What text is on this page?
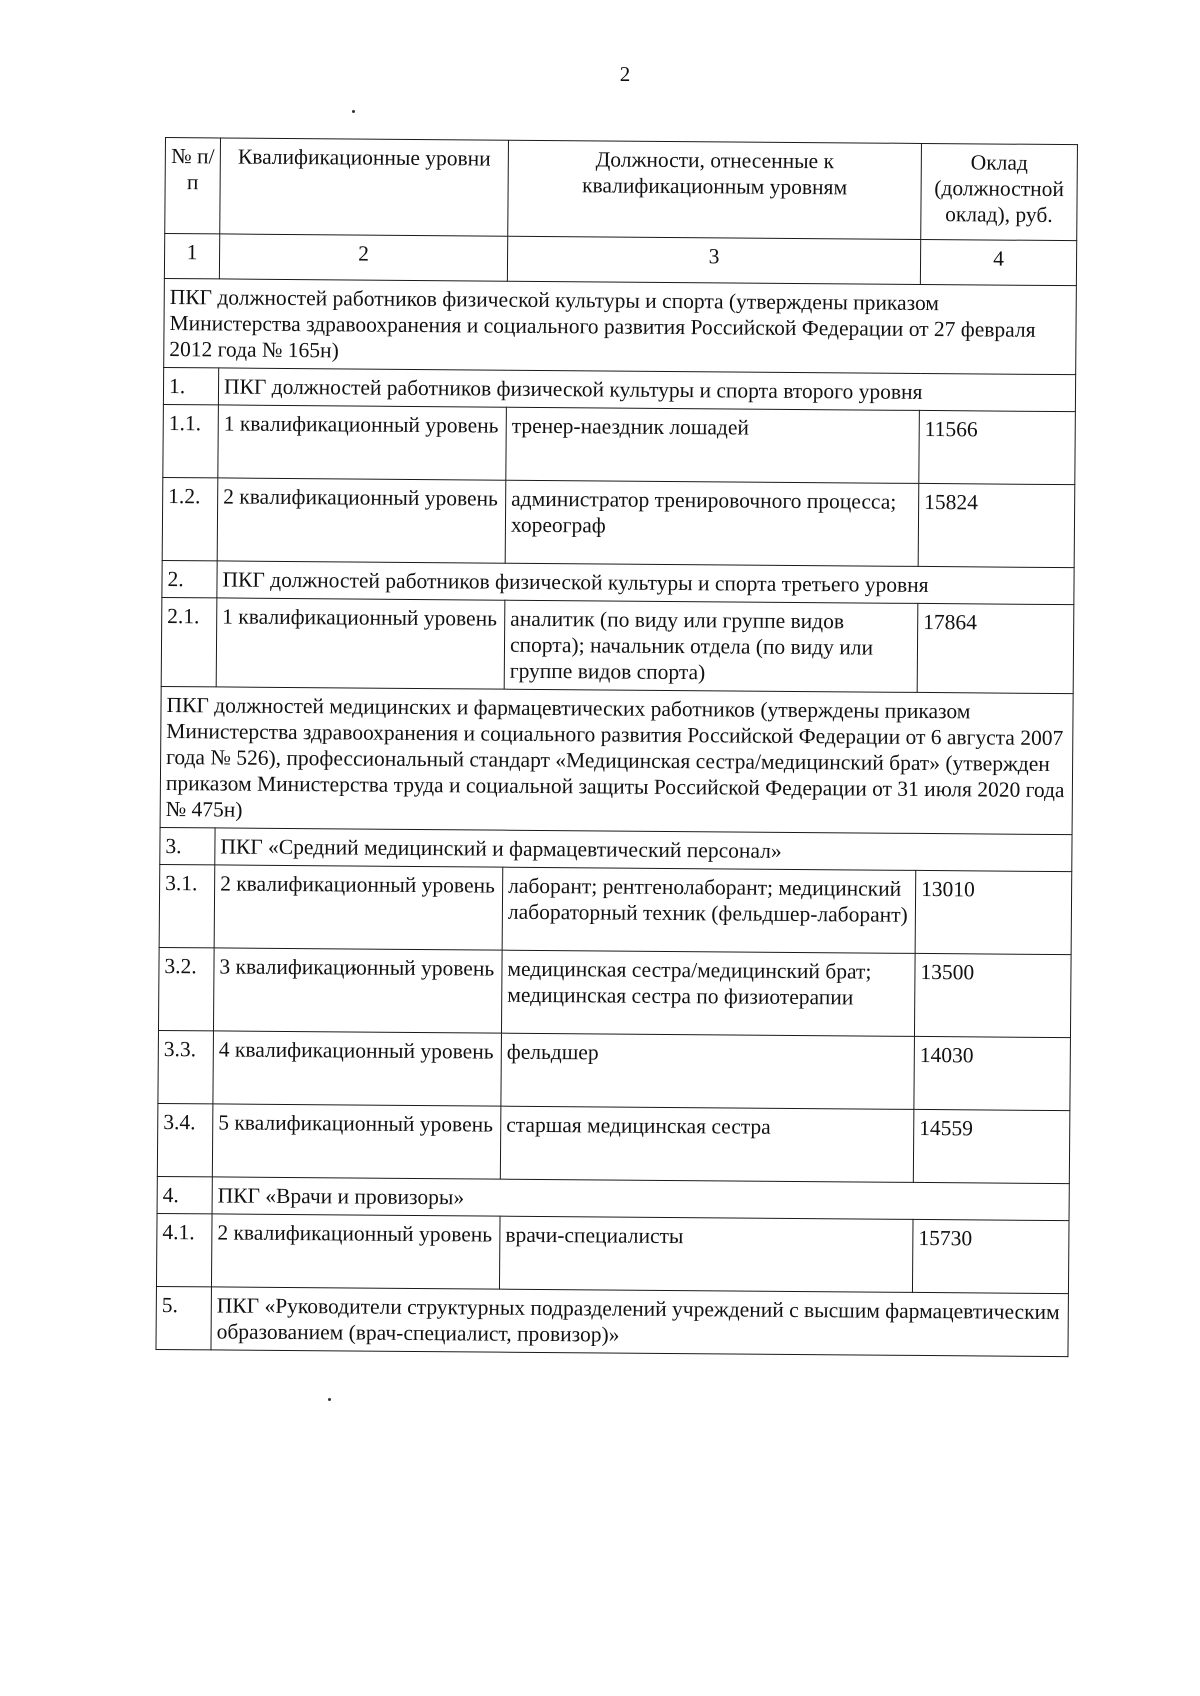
2
№ п/п	Квалификационные уровни	Должности, отнесенные к квалификационным уровням	Оклад (должностной оклад), руб.
1	2	3	4
ПКГ должностей работников физической культуры и спорта (утверждены приказом Министерства здравоохранения и социального развития Российской Федерации от 27 февраля 2012 года № 165н)			
1.	ПКГ должностей работников физической культуры и спорта второго уровня		
1.1.	1 квалификационный уровень	тренер-наездник лошадей	11566
1.2.	2 квалификационный уровень	администратор тренировочного процесса; хореограф	15824
2.	ПКГ должностей работников физической культуры и спорта третьего уровня		
2.1.	1 квалификационный уровень	аналитик (по виду или группе видов спорта); начальник отдела (по виду или группе видов спорта)	17864
ПКГ должностей медицинских и фармацевтических работников (утверждены приказом Министерства здравоохранения и социального развития Российской Федерации от 6 августа 2007 года № 526), профессиональный стандарт «Медицинская сестра/медицинский брат» (утвержден приказом Министерства труда и социальной защиты Российской Федерации от 31 июля 2020 года № 475н)			
3.	ПКГ «Средний медицинский и фармацевтический персонал»		
3.1.	2 квалификационный уровень	лаборант; рентгенолаборант; медицинский лабораторный техник (фельдшер-лаборант)	13010
3.2.	3 квалификационный уровень	медицинская сестра/медицинский брат; медицинская сестра по физиотерапии	13500
3.3.	4 квалификационный уровень	фельдшер	14030
3.4.	5 квалификационный уровень	старшая медицинская сестра	14559
4.	ПКГ «Врачи и провизоры»		
4.1.	2 квалификационный уровень	врачи-специалисты	15730
5.	ПКГ «Руководители структурных подразделений учреждений с высшим фармацевтическим образованием (врач-специалист, провизор)»		
